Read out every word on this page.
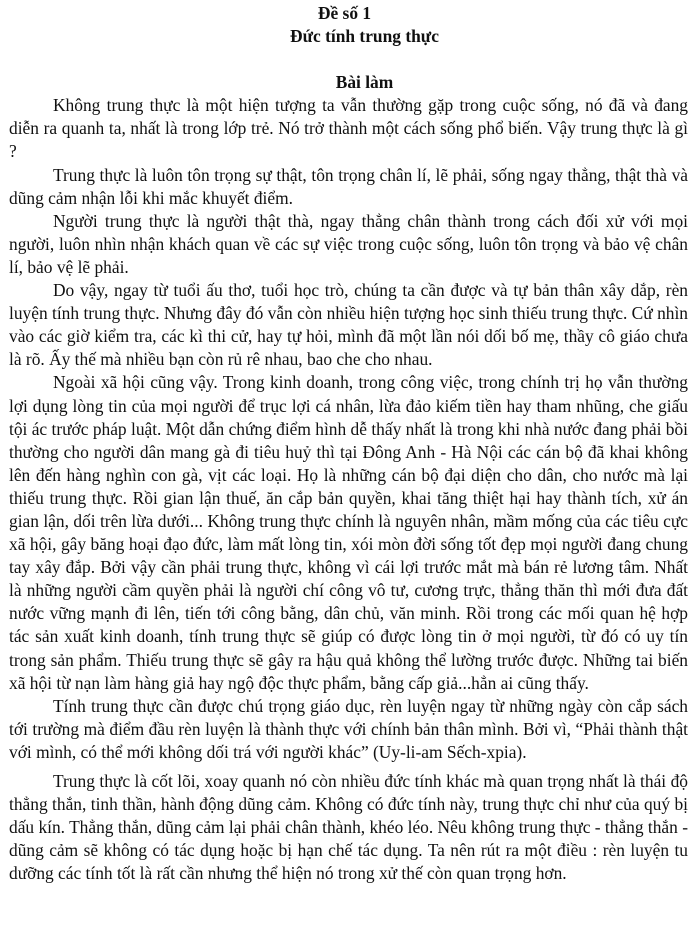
Đề số 1
Đức tính trung thực
Bài làm

Không trung thực là một hiện tượng ta vẫn thường gặp trong cuộc sống, nó đã và đang diễn ra quanh ta, nhất là trong lớp trẻ. Nó trở thành một cách sống phổ biến. Vậy trung thực là gì ?

Trung thực là luôn tôn trọng sự thật, tôn trọng chân lí, lẽ phải, sống ngay thẳng, thật thà và dũng cảm nhận lỗi khi mắc khuyết điểm.

Người trung thực là người thật thà, ngay thẳng chân thành trong cách đối xử với mọi người, luôn nhìn nhận khách quan về các sự việc trong cuộc sống, luôn tôn trọng và bảo vệ chân lí, bảo vệ lẽ phải.

Do vậy, ngay từ tuổi ấu thơ, tuổi học trò, chúng ta cần được và tự bản thân xây dắp, rèn luyện tính trung thực. Nhưng đây đó vẫn còn nhiều hiện tượng học sinh thiếu trung thực. Cứ nhìn vào các giờ kiểm tra, các kì thi cử, hay tự hỏi, mình đã một lần nói dối bố mẹ, thầy cô giáo chưa là rõ. Ấy thế mà nhiều bạn còn rủ rê nhau, bao che cho nhau.

Ngoài xã hội cũng vậy. Trong kinh doanh, trong công việc, trong chính trị họ vẫn thường lợi dụng lòng tin của mọi người để trục lợi cá nhân, lừa đảo kiếm tiền hay tham nhũng, che giấu tội ác trước pháp luật. Một dẫn chứng điểm hình dễ thấy nhất là trong khi nhà nước đang phải bồi thường cho người dân mang gà đi tiêu huỷ thì tại Đông Anh - Hà Nội các cán bộ đã khai không lên đến hàng nghìn con gà, vịt các loại. Họ là những cán bộ đại diện cho dân, cho nước mà lại thiếu trung thực. Rồi gian lận thuế, ăn cắp bản quyền, khai tăng thiệt hại hay thành tích, xử án gian lận, dối trên lừa dưới... Không trung thực chính là nguyên nhân, mầm mống của các tiêu cực xã hội, gây băng hoại đạo đức, làm mất lòng tin, xói mòn đời sống tốt đẹp mọi người đang chung tay xây đắp. Bởi vậy cần phải trung thực, không vì cái lợi trước mắt mà bán rẻ lương tâm. Nhất là những người cầm quyền phải là người chí công vô tư, cương trực, thẳng thăn thì mới đưa đất nước vững mạnh đi lên, tiến tới công bằng, dân chủ, văn minh. Rồi trong các mối quan hệ hợp tác sản xuất kinh doanh, tính trung thực sẽ giúp có được lòng tin ở mọi người, từ đó có uy tín trong sản phẩm. Thiếu trung thực sẽ gây ra hậu quả không thể lường trước được. Những tai biến xã hội từ nạn làm hàng giả hay ngộ độc thực phẩm, bằng cấp giả...hẳn ai cũng thấy.

Tính trung thực cần được chú trọng giáo dục, rèn luyện ngay từ những ngày còn cắp sách tới trường mà điểm đầu rèn luyện là thành thực với chính bản thân mình. Bởi vì, “Phải thành thật với mình, có thể mới không dối trá với người khác” (Uy-li-am Sếch-xpia).

Trung thực là cốt lõi, xoay quanh nó còn nhiều đức tính khác mà quan trọng nhất là thái độ thẳng thắn, tinh thần, hành động dũng cảm. Không có đức tính này, trung thực chỉ như của quý bị dấu kín. Thẳng thắn, dũng cảm lại phải chân thành, khéo léo. Nêu không trung thực - thẳng thắn - dũng cảm sẽ không có tác dụng hoặc bị hạn chế tác dụng. Ta nên rút ra một điều : rèn luyện tu dưỡng các tính tốt là rất cần nhưng thể hiện nó trong xử thế còn quan trọng hơn.
